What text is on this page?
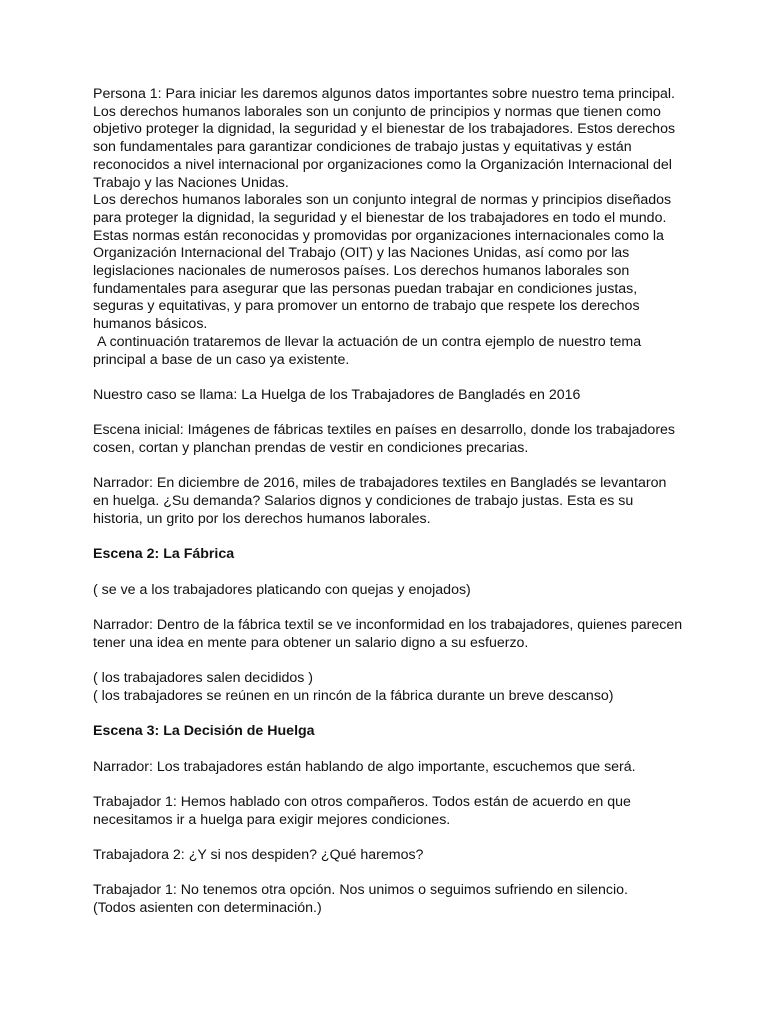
Persona 1: Para iniciar les daremos algunos datos importantes sobre nuestro tema principal. Los derechos humanos laborales son un conjunto de principios y normas que tienen como objetivo proteger la dignidad, la seguridad y el bienestar de los trabajadores. Estos derechos son fundamentales para garantizar condiciones de trabajo justas y equitativas y están reconocidos a nivel internacional por organizaciones como la Organización Internacional del Trabajo y las Naciones Unidas.

Los derechos humanos laborales son un conjunto integral de normas y principios diseñados para proteger la dignidad, la seguridad y el bienestar de los trabajadores en todo el mundo. Estas normas están reconocidas y promovidas por organizaciones internacionales como la Organización Internacional del Trabajo (OIT) y las Naciones Unidas, así como por las legislaciones nacionales de numerosos países. Los derechos humanos laborales son fundamentales para asegurar que las personas puedan trabajar en condiciones justas, seguras y equitativas, y para promover un entorno de trabajo que respete los derechos humanos básicos.

A continuación trataremos de llevar la actuación de un contra ejemplo de nuestro tema principal a base de un caso ya existente.

Nuestro caso se llama: La Huelga de los Trabajadores de Bangladés en 2016

Escena inicial: Imágenes de fábricas textiles en países en desarrollo, donde los trabajadores cosen, cortan y planchan prendas de vestir en condiciones precarias.

Narrador: En diciembre de 2016, miles de trabajadores textiles en Bangladés se levantaron en huelga. ¿Su demanda? Salarios dignos y condiciones de trabajo justas. Esta es su historia, un grito por los derechos humanos laborales.

Escena 2: La Fábrica

( se ve a los trabajadores platicando con quejas y enojados)

Narrador: Dentro de la fábrica textil se ve inconformidad en los trabajadores, quienes parecen tener una idea en mente para obtener un salario digno a su esfuerzo.

( los trabajadores salen decididos )

( los trabajadores se reúnen en un rincón de la fábrica durante un breve descanso)

Escena 3: La Decisión de Huelga

Narrador: Los trabajadores están hablando de algo importante, escuchemos que será.

Trabajador 1: Hemos hablado con otros compañeros. Todos están de acuerdo en que necesitamos ir a huelga para exigir mejores condiciones.

Trabajadora 2: ¿Y si nos despiden? ¿Qué haremos?

Trabajador 1: No tenemos otra opción. Nos unimos o seguimos sufriendo en silencio.

(Todos asienten con determinación.)
